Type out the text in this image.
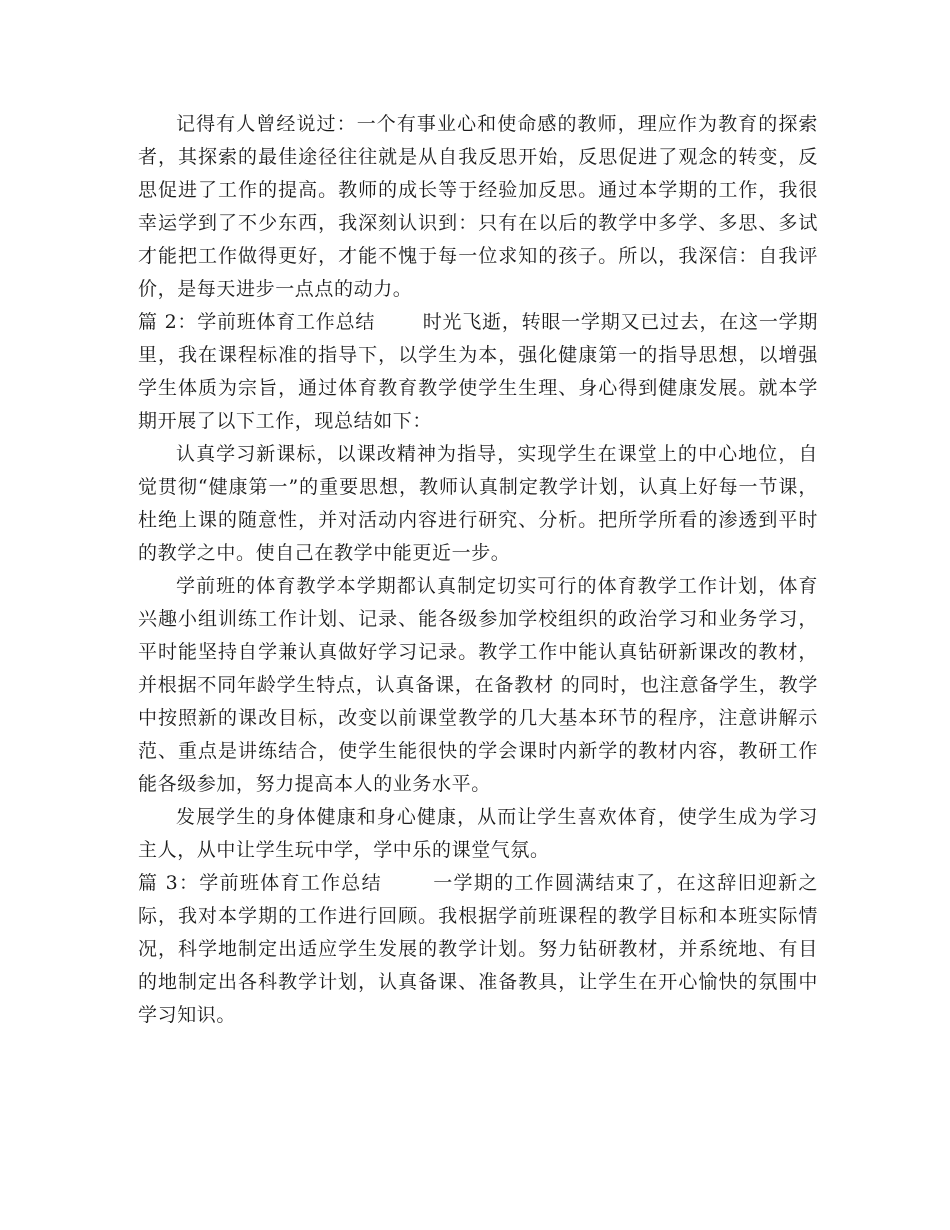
记得有人曾经说过：一个有事业心和使命感的教师，理应作为教育的探索者，其探索的最佳途径往往就是从自我反思开始，反思促进了观念的转变，反思促进了工作的提高。教师的成长等于经验加反思。通过本学期的工作，我很幸运学到了不少东西，我深刻认识到：只有在以后的教学中多学、多思、多试才能把工作做得更好，才能不愧于每一位求知的孩子。所以，我深信：自我评价，是每天进步一点点的动力。

篇 2：学前班体育工作总结	时光飞逝，转眼一学期又已过去，在这一学期里，我在课程标准的指导下，以学生为本，强化健康第一的指导思想，以增强学生体质为宗旨，通过体育教育教学使学生生理、身心得到健康发展。就本学期开展了以下工作，现总结如下：

认真学习新课标，以课改精神为指导，实现学生在课堂上的中心地位，自觉贯彻“健康第一”的重要思想，教师认真制定教学计划，认真上好每一节课，杜绝上课的随意性，并对活动内容进行研究、分析。把所学所看的渗透到平时的教学之中。使自己在教学中能更近一步。

学前班的体育教学本学期都认真制定切实可行的体育教学工作计划，体育兴趣小组训练工作计划、记录、能各级参加学校组织的政治学习和业务学习，平时能坚持自学兼认真做好学习记录。教学工作中能认真钻研新课改的教材，并根据不同年龄学生特点，认真备课，在备教材 的同时，也注意备学生，教学中按照新的课改目标，改变以前课堂教学的几大基本环节的程序，注意讲解示范、重点是讲练结合，使学生能很快的学会课时内新学的教材内容，教研工作能各级参加，努力提高本人的业务水平。

发展学生的身体健康和身心健康，从而让学生喜欢体育，使学生成为学习主人，从中让学生玩中学，学中乐的课堂气氛。

篇 3：学前班体育工作总结	一学期的工作圆满结束了，在这辞旧迎新之际，我对本学期的工作进行回顾。我根据学前班课程的教学目标和本班实际情况，科学地制定出适应学生发展的教学计划。努力钻研教材，并系统地、有目的地制定出各科教学计划，认真备课、准备教具，让学生在开心愉快的氛围中学习知识。
